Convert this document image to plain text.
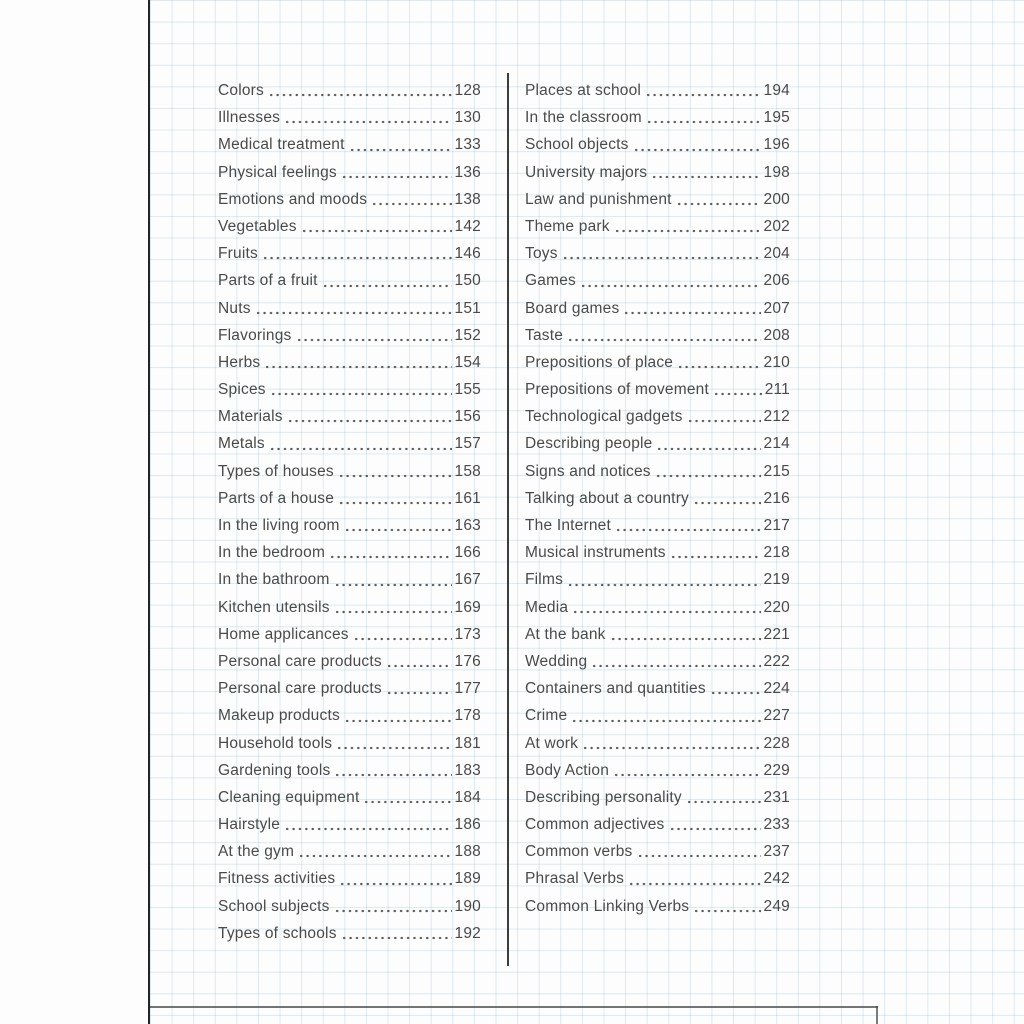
Colors	128
Illnesses	130
Medical treatment	133
Physical feelings	136
Emotions and moods	138
Vegetables	142
Fruits	146
Parts of a fruit	150
Nuts	151
Flavorings	152
Herbs	154
Spices	155
Materials	156
Metals	157
Types of houses	158
Parts of a house	161
In the living room	163
In the bedroom	166
In the bathroom	167
Kitchen utensils	169
Home applicances	173
Personal care products	176
Personal care products	177
Makeup products	178
Household tools	181
Gardening tools	183
Cleaning equipment	184
Hairstyle	186
At the gym	188
Fitness activities	189
School subjects	190
Types of schools	192
Places at school	194
In the classroom	195
School objects	196
University majors	198
Law and punishment	200
Theme park	202
Toys	204
Games	206
Board games	207
Taste	208
Prepositions of place	210
Prepositions of movement	211
Technological gadgets	212
Describing people	214
Signs and notices	215
Talking about a country	216
The Internet	217
Musical instruments	218
Films	219
Media	220
At the bank	221
Wedding	222
Containers and quantities	224
Crime	227
At work	228
Body Action	229
Describing personality	231
Common adjectives	233
Common verbs	237
Phrasal Verbs	242
Common Linking Verbs	249
